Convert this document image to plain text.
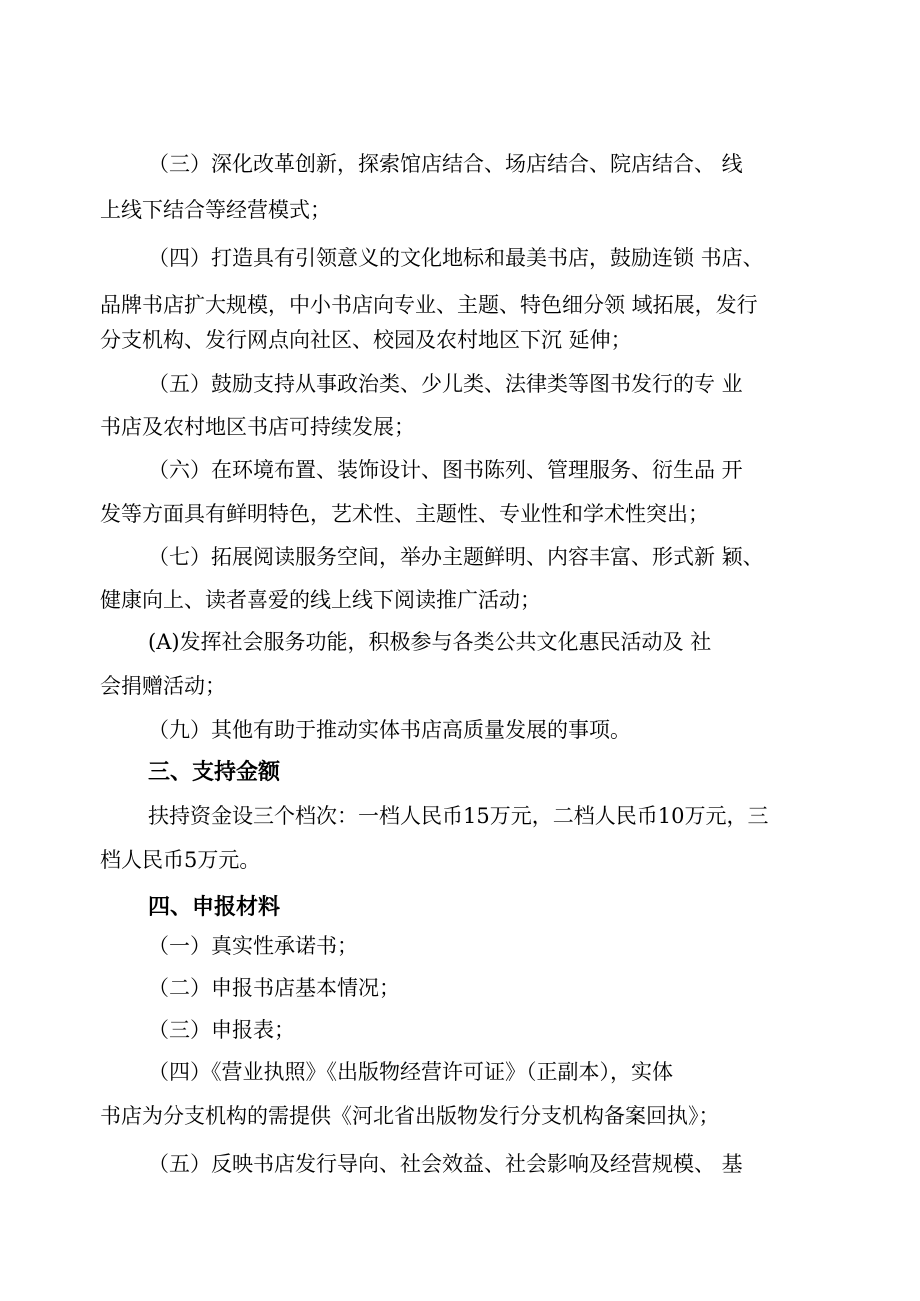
（三）深化改革创新，探索馆店结合、场店结合、院店结合、 线
上线下结合等经营模式；
（四）打造具有引领意义的文化地标和最美书店，鼓励连锁 书店、
品牌书店扩大规模，中小书店向专业、主题、特色细分领 域拓展，发行
分支机构、发行网点向社区、校园及农村地区下沉 延伸；
（五）鼓励支持从事政治类、少儿类、法律类等图书发行的专 业
书店及农村地区书店可持续发展；
（六）在环境布置、装饰设计、图书陈列、管理服务、衍生品 开
发等方面具有鲜明特色，艺术性、主题性、专业性和学术性突出；
（七）拓展阅读服务空间，举办主题鲜明、内容丰富、形式新 颖、
健康向上、读者喜爱的线上线下阅读推广活动；
(A)发挥社会服务功能，积极参与各类公共文化惠民活动及 社
会捐赠活动；
（九）其他有助于推动实体书店高质量发展的事项。
三、支持金额
扶持资金设三个档次：一档人民币15万元，二档人民币10万元，三
档人民币5万元。
四、申报材料
（一）真实性承诺书；
（二）申报书店基本情况；
（三）申报表；
（四）《营业执照》《出版物经营许可证》（正副本），实体
书店为分支机构的需提供《河北省出版物发行分支机构备案回执》；
（五）反映书店发行导向、社会效益、社会影响及经营规模、 基
